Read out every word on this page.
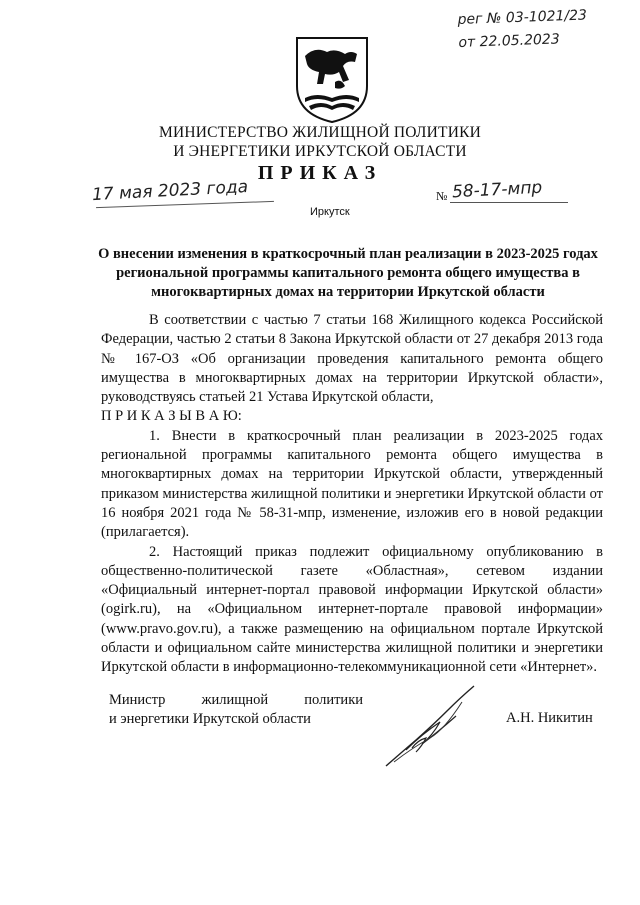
рег № 03-1021/23
от 22.05.2023
МИНИСТЕРСТВО ЖИЛИЩНОЙ ПОЛИТИКИ
И ЭНЕРГЕТИКИ ИРКУТСКОЙ ОБЛАСТИ
ПРИКАЗ
17 мая 2023 года	№ 58-17-мпр
Иркутск
О внесении изменения в краткосрочный план реализации в 2023-2025 годах региональной программы капитального ремонта общего имущества в многоквартирных домах на территории Иркутской области

В соответствии с частью 7 статьи 168 Жилищного кодекса Российской Федерации, частью 2 статьи 8 Закона Иркутской области от 27 декабря 2013 года № 167-ОЗ «Об организации проведения капитального ремонта общего имущества в многоквартирных домах на территории Иркутской области», руководствуясь статьей 21 Устава Иркутской области,

П Р И К А З Ы В А Ю:

1. Внести в краткосрочный план реализации в 2023-2025 годах региональной программы капитального ремонта общего имущества в многоквартирных домах на территории Иркутской области, утвержденный приказом министерства жилищной политики и энергетики Иркутской области от 16 ноября 2021 года № 58-31-мпр, изменение, изложив его в новой редакции (прилагается).

2. Настоящий приказ подлежит официальному опубликованию в общественно-политической газете «Областная», сетевом издании «Официальный интернет-портал правовой информации Иркутской области» (ogirk.ru), на «Официальном интернет-портале правовой информации» (www.pravo.gov.ru), а также размещению на официальном портале Иркутской области и официальном сайте министерства жилищной политики и энергетики Иркутской области в информационно-телекоммуникационной сети «Интернет».

Министр жилищной политики
и энергетики Иркутской области	А.Н. Никитин
